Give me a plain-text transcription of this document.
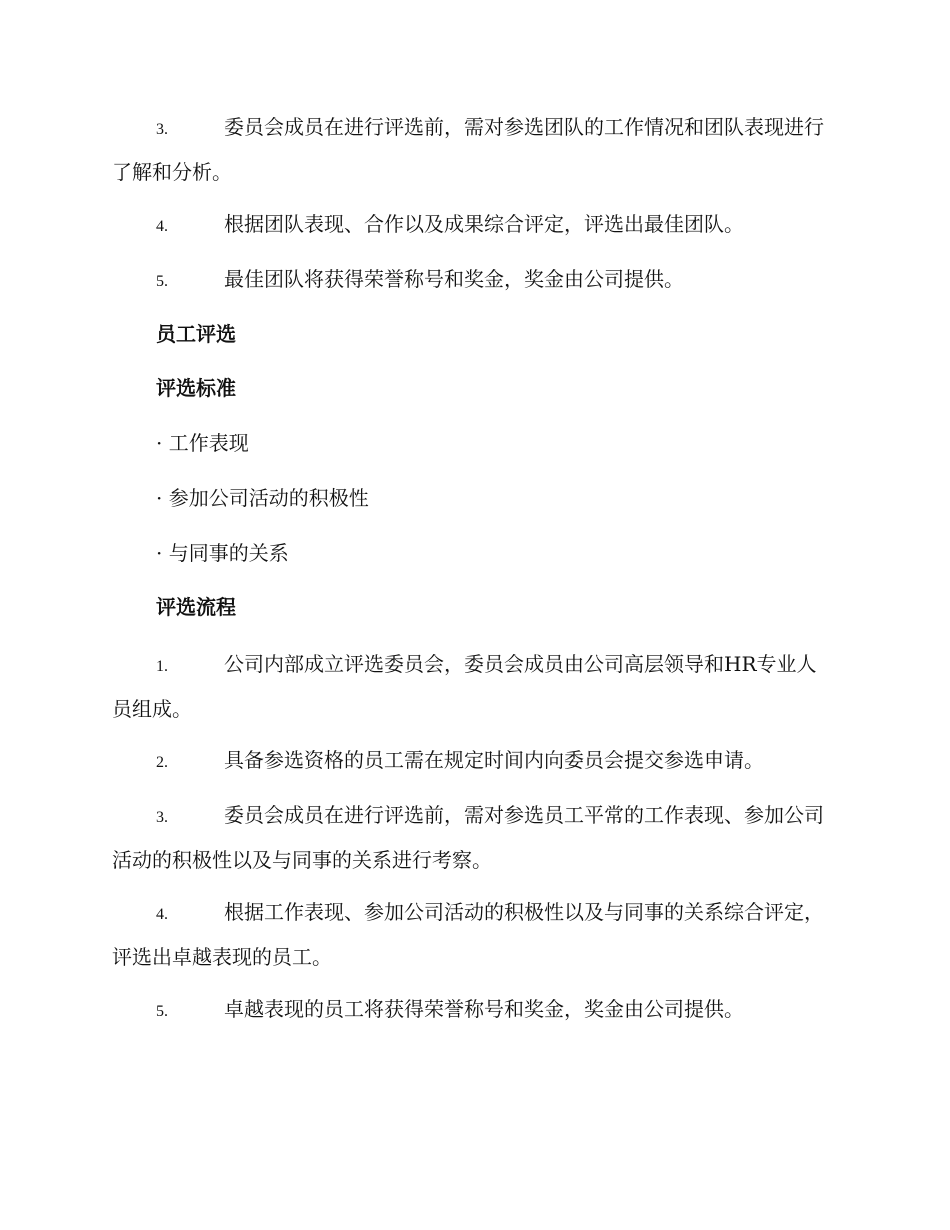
3.	委员会成员在进行评选前，需对参选团队的工作情况和团队表现进行了解和分析。
4.	根据团队表现、合作以及成果综合评定，评选出最佳团队。
5.	最佳团队将获得荣誉称号和奖金，奖金由公司提供。
员工评选
评选标准
· 工作表现
· 参加公司活动的积极性
· 与同事的关系
评选流程
1.	公司内部成立评选委员会，委员会成员由公司高层领导和HR专业人员组成。
2.	具备参选资格的员工需在规定时间内向委员会提交参选申请。
3.	委员会成员在进行评选前，需对参选员工平常的工作表现、参加公司活动的积极性以及与同事的关系进行考察。
4.	根据工作表现、参加公司活动的积极性以及与同事的关系综合评定，评选出卓越表现的员工。
5.	卓越表现的员工将获得荣誉称号和奖金，奖金由公司提供。
